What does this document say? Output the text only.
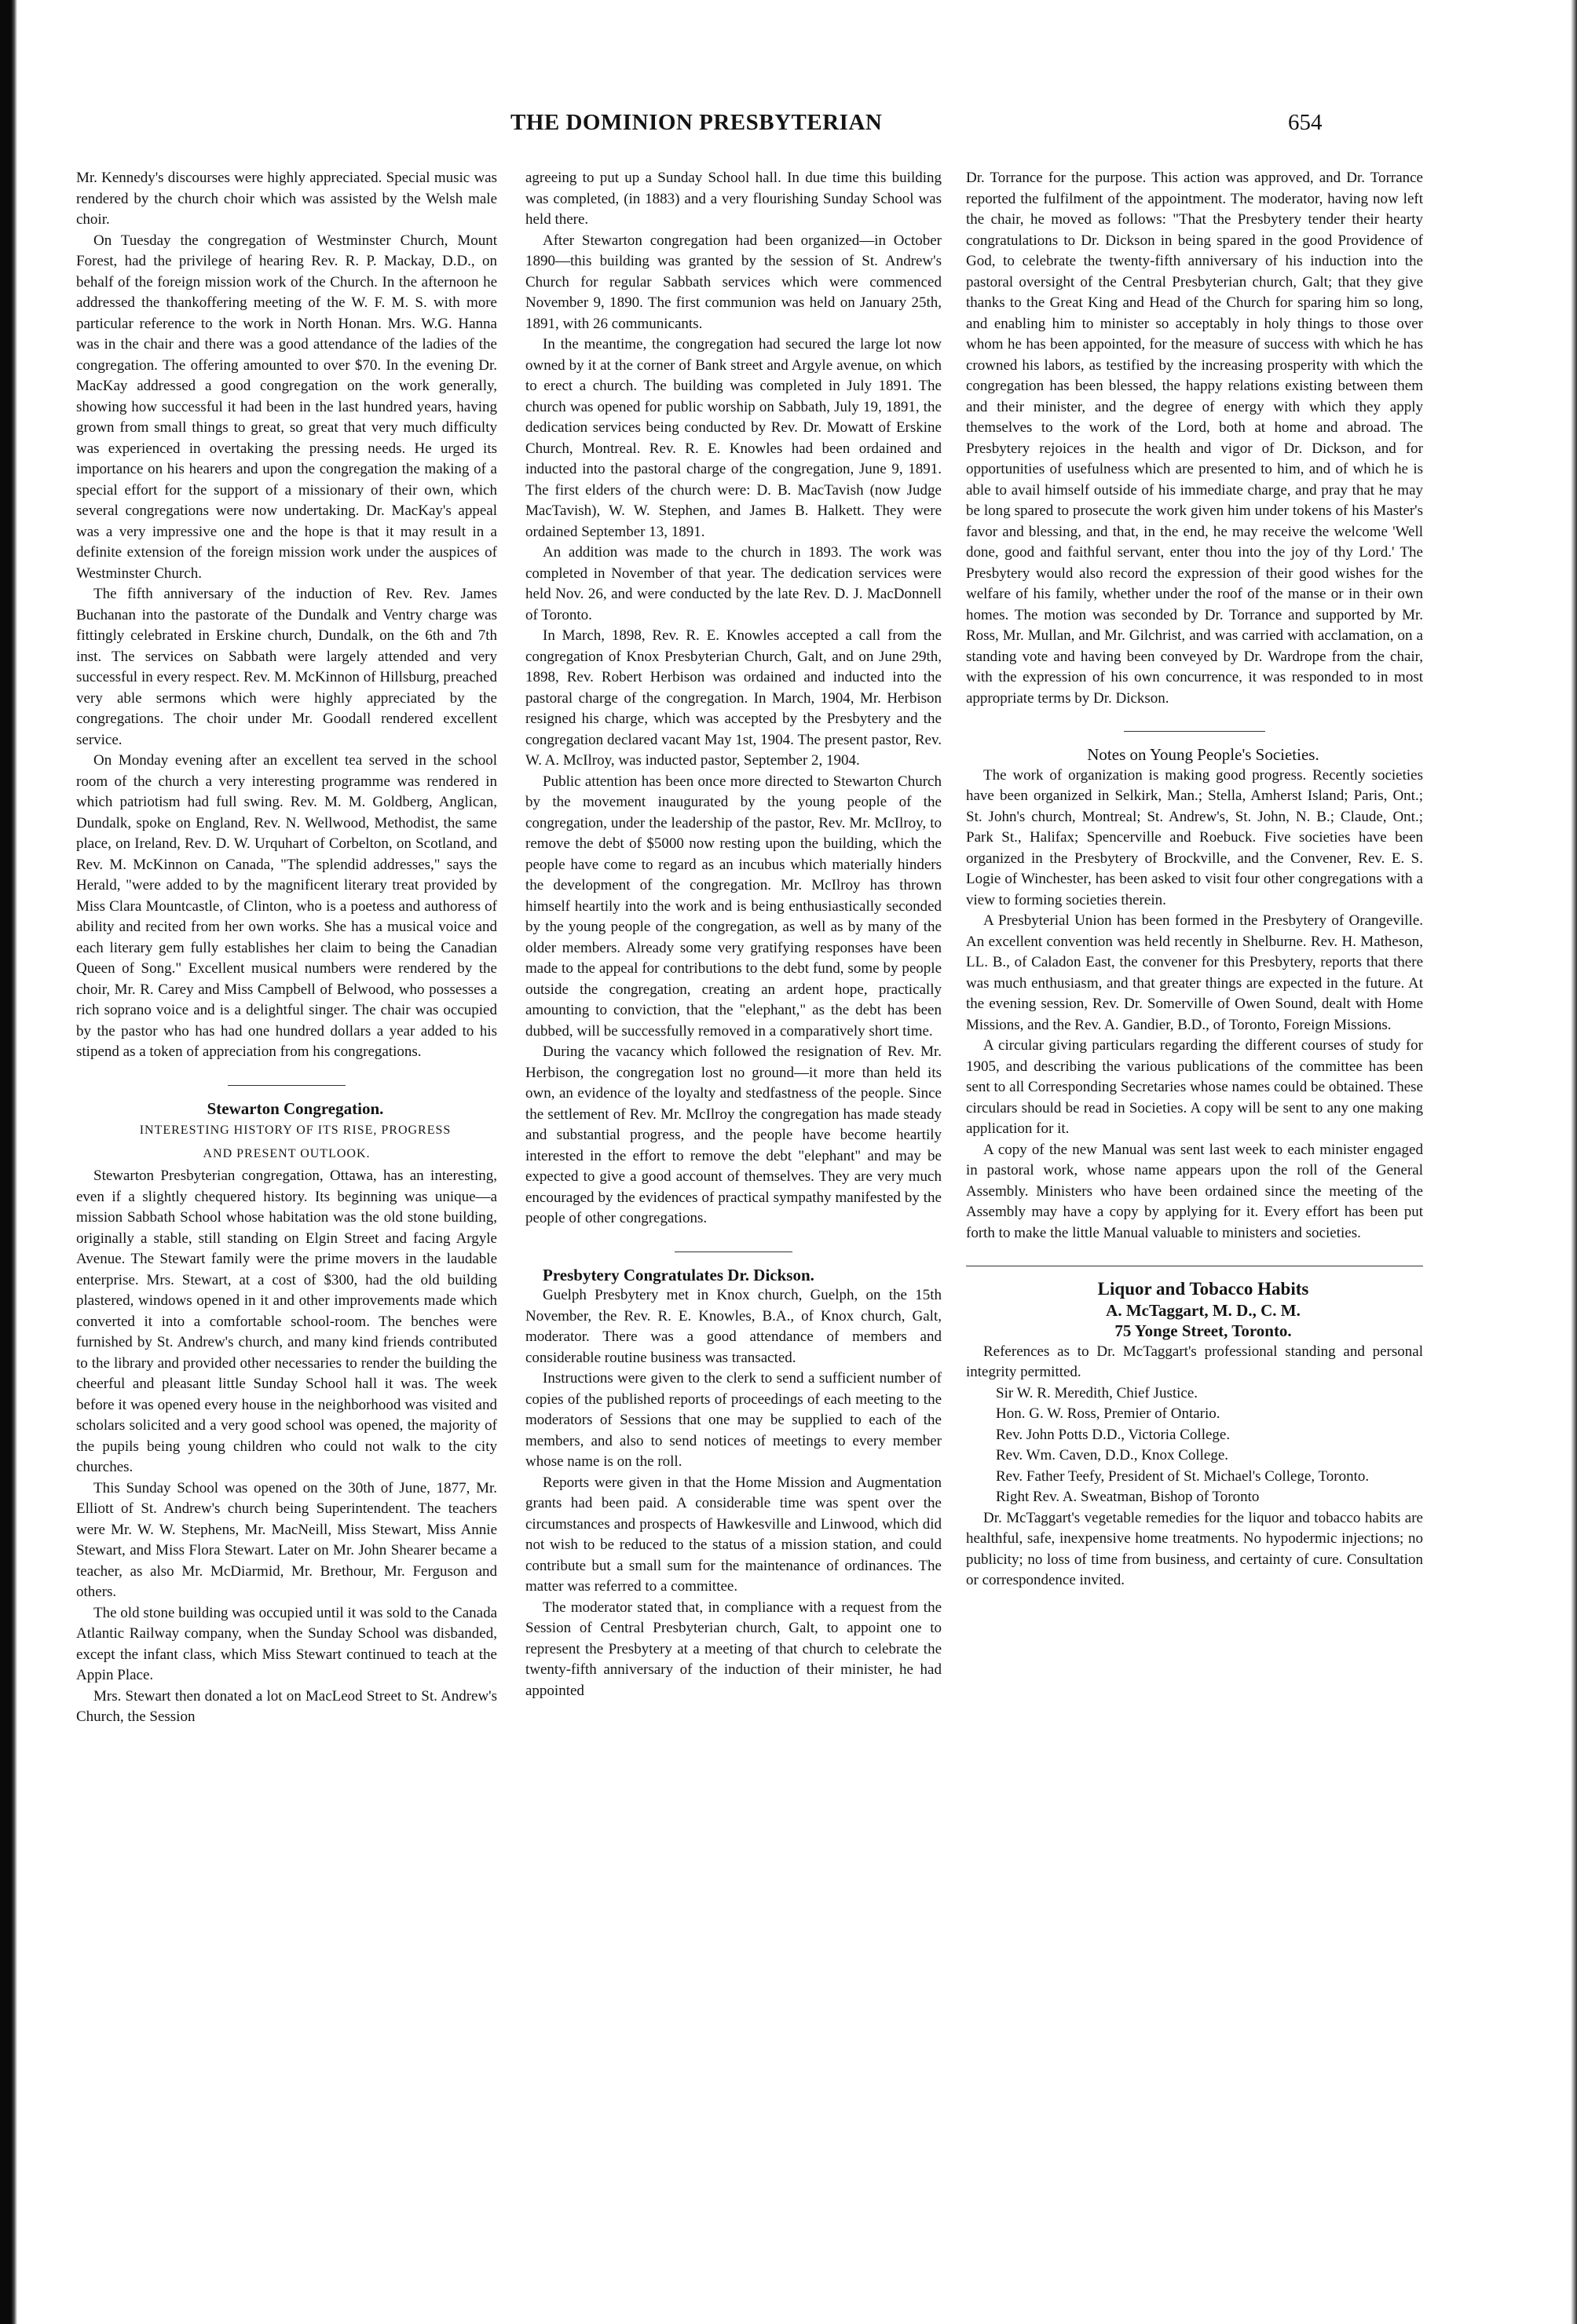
THE DOMINION PRESBYTERIAN	654

Mr. Kennedy's discourses were highly appreciated. Special music was rendered by the church choir which was assisted by the Welsh male choir.

On Tuesday the congregation of Westminster Church, Mount Forest, had the privilege of hearing Rev. R. P. Mackay, D.D., on behalf of the foreign mission work of the Church. In the afternoon he addressed the thankoffering meeting of the W. F. M. S. with more particular reference to the work in North Honan. Mrs. W.G. Hanna was in the chair and there was a good attendance of the ladies of the congregation. The offering amounted to over $70. In the evening Dr. MacKay addressed a good congregation on the work generally, showing how successful it had been in the last hundred years, having grown from small things to great, so great that very much difficulty was experienced in overtaking the pressing needs. He urged its importance on his hearers and upon the congregation the making of a special effort for the support of a missionary of their own, which several congregations were now undertaking. Dr. MacKay's appeal was a very impressive one and the hope is that it may result in a definite extension of the foreign mission work under the auspices of Westminster Church.

The fifth anniversary of the induction of Rev. Rev. James Buchanan into the pastorate of the Dundalk and Ventry charge was fittingly celebrated in Erskine church, Dundalk, on the 6th and 7th inst. The services on Sabbath were largely attended and very successful in every respect. Rev. M. McKinnon of Hillsburg, preached very able sermons which were highly appreciated by the congregations. The choir under Mr. Goodall rendered excellent service.

On Monday evening after an excellent tea served in the school room of the church a very interesting programme was rendered in which patriotism had full swing. Rev. M. M. Goldberg, Anglican, Dundalk, spoke on England, Rev. N. Wellwood, Methodist, the same place, on Ireland, Rev. D. W. Urquhart of Corbelton, on Scotland, and Rev. M. McKinnon on Canada, "The splendid addresses," says the Herald, "were added to by the magnificent literary treat provided by Miss Clara Mountcastle, of Clinton, who is a poetess and authoress of ability and recited from her own works. She has a musical voice and each literary gem fully establishes her claim to being the Canadian Queen of Song." Excellent musical numbers were rendered by the choir, Mr. R. Carey and Miss Campbell of Belwood, who possesses a rich soprano voice and is a delightful singer. The chair was occupied by the pastor who has had one hundred dollars a year added to his stipend as a token of appreciation from his congregations.

Stewarton Congregation.

INTERESTING HISTORY OF ITS RISE, PROGRESS
AND PRESENT OUTLOOK.

Stewarton Presbyterian congregation, Ottawa, has an interesting, even if a slightly chequered history. Its beginning was unique—a mission Sabbath School whose habitation was the old stone building, originally a stable, still standing on Elgin Street and facing Argyle Avenue. The Stewart family were the prime movers in the laudable enterprise. Mrs. Stewart, at a cost of $300, had the old building plastered, windows opened in it and other improvements made which converted it into a comfortable school-room. The benches were furnished by St. Andrew's church, and many kind friends contributed to the library and provided other necessaries to render the building the cheerful and pleasant little Sunday School hall it was. The week before it was opened every house in the neighborhood was visited and scholars solicited and a very good school was opened, the majority of the pupils being young children who could not walk to the city churches.

This Sunday School was opened on the 30th of June, 1877, Mr. Elliott of St. Andrew's church being Superintendent. The teachers were Mr. W. W. Stephens, Mr. MacNeill, Miss Stewart, Miss Annie Stewart, and Miss Flora Stewart. Later on Mr. John Shearer became a teacher, as also Mr. McDiarmid, Mr. Brethour, Mr. Ferguson and others.

The old stone building was occupied until it was sold to the Canada Atlantic Railway company, when the Sunday School was disbanded, except the infant class, which Miss Stewart continued to teach at the Appin Place.

Mrs. Stewart then donated a lot on MacLeod Street to St. Andrew's Church, the Session

agreeing to put up a Sunday School hall. In due time this building was completed, (in 1883) and a very flourishing Sunday School was held there.

After Stewarton congregation had been organized—in October 1890—this building was granted by the session of St. Andrew's Church for regular Sabbath services which were commenced November 9, 1890. The first communion was held on January 25th, 1891, with 26 communicants.

In the meantime, the congregation had secured the large lot now owned by it at the corner of Bank street and Argyle avenue, on which to erect a church. The building was completed in July 1891. The church was opened for public worship on Sabbath, July 19, 1891, the dedication services being conducted by Rev. Dr. Mowatt of Erskine Church, Montreal. Rev. R. E. Knowles had been ordained and inducted into the pastoral charge of the congregation, June 9, 1891. The first elders of the church were: D. B. MacTavish (now Judge MacTavish), W. W. Stephen, and James B. Halkett. They were ordained September 13, 1891.

An addition was made to the church in 1893. The work was completed in November of that year. The dedication services were held Nov. 26, and were conducted by the late Rev. D. J. MacDonnell of Toronto.

In March, 1898, Rev. R. E. Knowles accepted a call from the congregation of Knox Presbyterian Church, Galt, and on June 29th, 1898, Rev. Robert Herbison was ordained and inducted into the pastoral charge of the congregation. In March, 1904, Mr. Herbison resigned his charge, which was accepted by the Presbytery and the congregation declared vacant May 1st, 1904. The present pastor, Rev. W. A. McIlroy, was inducted pastor, September 2, 1904.

Public attention has been once more directed to Stewarton Church by the movement inaugurated by the young people of the congregation, under the leadership of the pastor, Rev. Mr. McIlroy, to remove the debt of $5000 now resting upon the building, which the people have come to regard as an incubus which materially hinders the development of the congregation. Mr. McIlroy has thrown himself heartily into the work and is being enthusiastically seconded by the young people of the congregation, as well as by many of the older members. Already some very gratifying responses have been made to the appeal for contributions to the debt fund, some by people outside the congregation, creating an ardent hope, practically amounting to conviction, that the "elephant," as the debt has been dubbed, will be successfully removed in a comparatively short time.

During the vacancy which followed the resignation of Rev. Mr. Herbison, the congregation lost no ground—it more than held its own, an evidence of the loyalty and stedfastness of the people. Since the settlement of Rev. Mr. McIlroy the congregation has made steady and substantial progress, and the people have become heartily interested in the effort to remove the debt "elephant" and may be expected to give a good account of themselves. They are very much encouraged by the evidences of practical sympathy manifested by the people of other congregations.

Presbytery Congratulates Dr. Dickson.

Guelph Presbytery met in Knox church, Guelph, on the 15th November, the Rev. R. E. Knowles, B.A., of Knox church, Galt, moderator. There was a good attendance of members and considerable routine business was transacted.

Instructions were given to the clerk to send a sufficient number of copies of the published reports of proceedings of each meeting to the moderators of Sessions that one may be supplied to each of the members, and also to send notices of meetings to every member whose name is on the roll.

Reports were given in that the Home Mission and Augmentation grants had been paid. A considerable time was spent over the circumstances and prospects of Hawkesville and Linwood, which did not wish to be reduced to the status of a mission station, and could contribute but a small sum for the maintenance of ordinances. The matter was referred to a committee.

The moderator stated that, in compliance with a request from the Session of Central Presbyterian church, Galt, to appoint one to represent the Presbytery at a meeting of that church to celebrate the twenty-fifth anniversary of the induction of their minister, he had appointed

Dr. Torrance for the purpose. This action was approved, and Dr. Torrance reported the fulfilment of the appointment. The moderator, having now left the chair, he moved as follows: "That the Presbytery tender their hearty congratulations to Dr. Dickson in being spared in the good Providence of God, to celebrate the twenty-fifth anniversary of his induction into the pastoral oversight of the Central Presbyterian church, Galt; that they give thanks to the Great King and Head of the Church for sparing him so long, and enabling him to minister so acceptably in holy things to those over whom he has been appointed, for the measure of success with which he has crowned his labors, as testified by the increasing prosperity with which the congregation has been blessed, the happy relations existing between them and their minister, and the degree of energy with which they apply themselves to the work of the Lord, both at home and abroad. The Presbytery rejoices in the health and vigor of Dr. Dickson, and for opportunities of usefulness which are presented to him, and of which he is able to avail himself outside of his immediate charge, and pray that he may be long spared to prosecute the work given him under tokens of his Master's favor and blessing, and that, in the end, he may receive the welcome 'Well done, good and faithful servant, enter thou into the joy of thy Lord.' The Presbytery would also record the expression of their good wishes for the welfare of his family, whether under the roof of the manse or in their own homes. The motion was seconded by Dr. Torrance and supported by Mr. Ross, Mr. Mullan, and Mr. Gilchrist, and was carried with acclamation, on a standing vote and having been conveyed by Dr. Wardrope from the chair, with the expression of his own concurrence, it was responded to in most appropriate terms by Dr. Dickson.

Notes on Young People's Societies.

The work of organization is making good progress. Recently societies have been organized in Selkirk, Man.; Stella, Amherst Island; Paris, Ont.; St. John's church, Montreal; St. Andrew's, St. John, N. B.; Claude, Ont.; Park St., Halifax; Spencerville and Roebuck. Five societies have been organized in the Presbytery of Brockville, and the Convener, Rev. E. S. Logie of Winchester, has been asked to visit four other congregations with a view to forming societies therein.

A Presbyterial Union has been formed in the Presbytery of Orangeville. An excellent convention was held recently in Shelburne. Rev. H. Matheson, LL. B., of Caladon East, the convener for this Presbytery, reports that there was much enthusiasm, and that greater things are expected in the future. At the evening session, Rev. Dr. Somerville of Owen Sound, dealt with Home Missions, and the Rev. A. Gandier, B.D., of Toronto, Foreign Missions.

A circular giving particulars regarding the different courses of study for 1905, and describing the various publications of the committee has been sent to all Corresponding Secretaries whose names could be obtained. These circulars should be read in Societies. A copy will be sent to any one making application for it.

A copy of the new Manual was sent last week to each minister engaged in pastoral work, whose name appears upon the roll of the General Assembly. Ministers who have been ordained since the meeting of the Assembly may have a copy by applying for it. Every effort has been put forth to make the little Manual valuable to ministers and societies.

Liquor and Tobacco Habits

A. McTaggart, M. D., C. M.

75 Yonge Street, Toronto.

References as to Dr. McTaggart's professional standing and personal integrity permitted.

Sir W. R. Meredith, Chief Justice.
Hon. G. W. Ross, Premier of Ontario.
Rev. John Potts D.D., Victoria College.
Rev. Wm. Caven, D.D., Knox College.
Rev. Father Teefy, President of St. Michael's College, Toronto.
Right Rev. A. Sweatman, Bishop of Toronto

Dr. McTaggart's vegetable remedies for the liquor and tobacco habits are healthful, safe, inexpensive home treatments. No hypodermic injections; no publicity; no loss of time from business, and certainty of cure. Consultation or correspondence invited.
